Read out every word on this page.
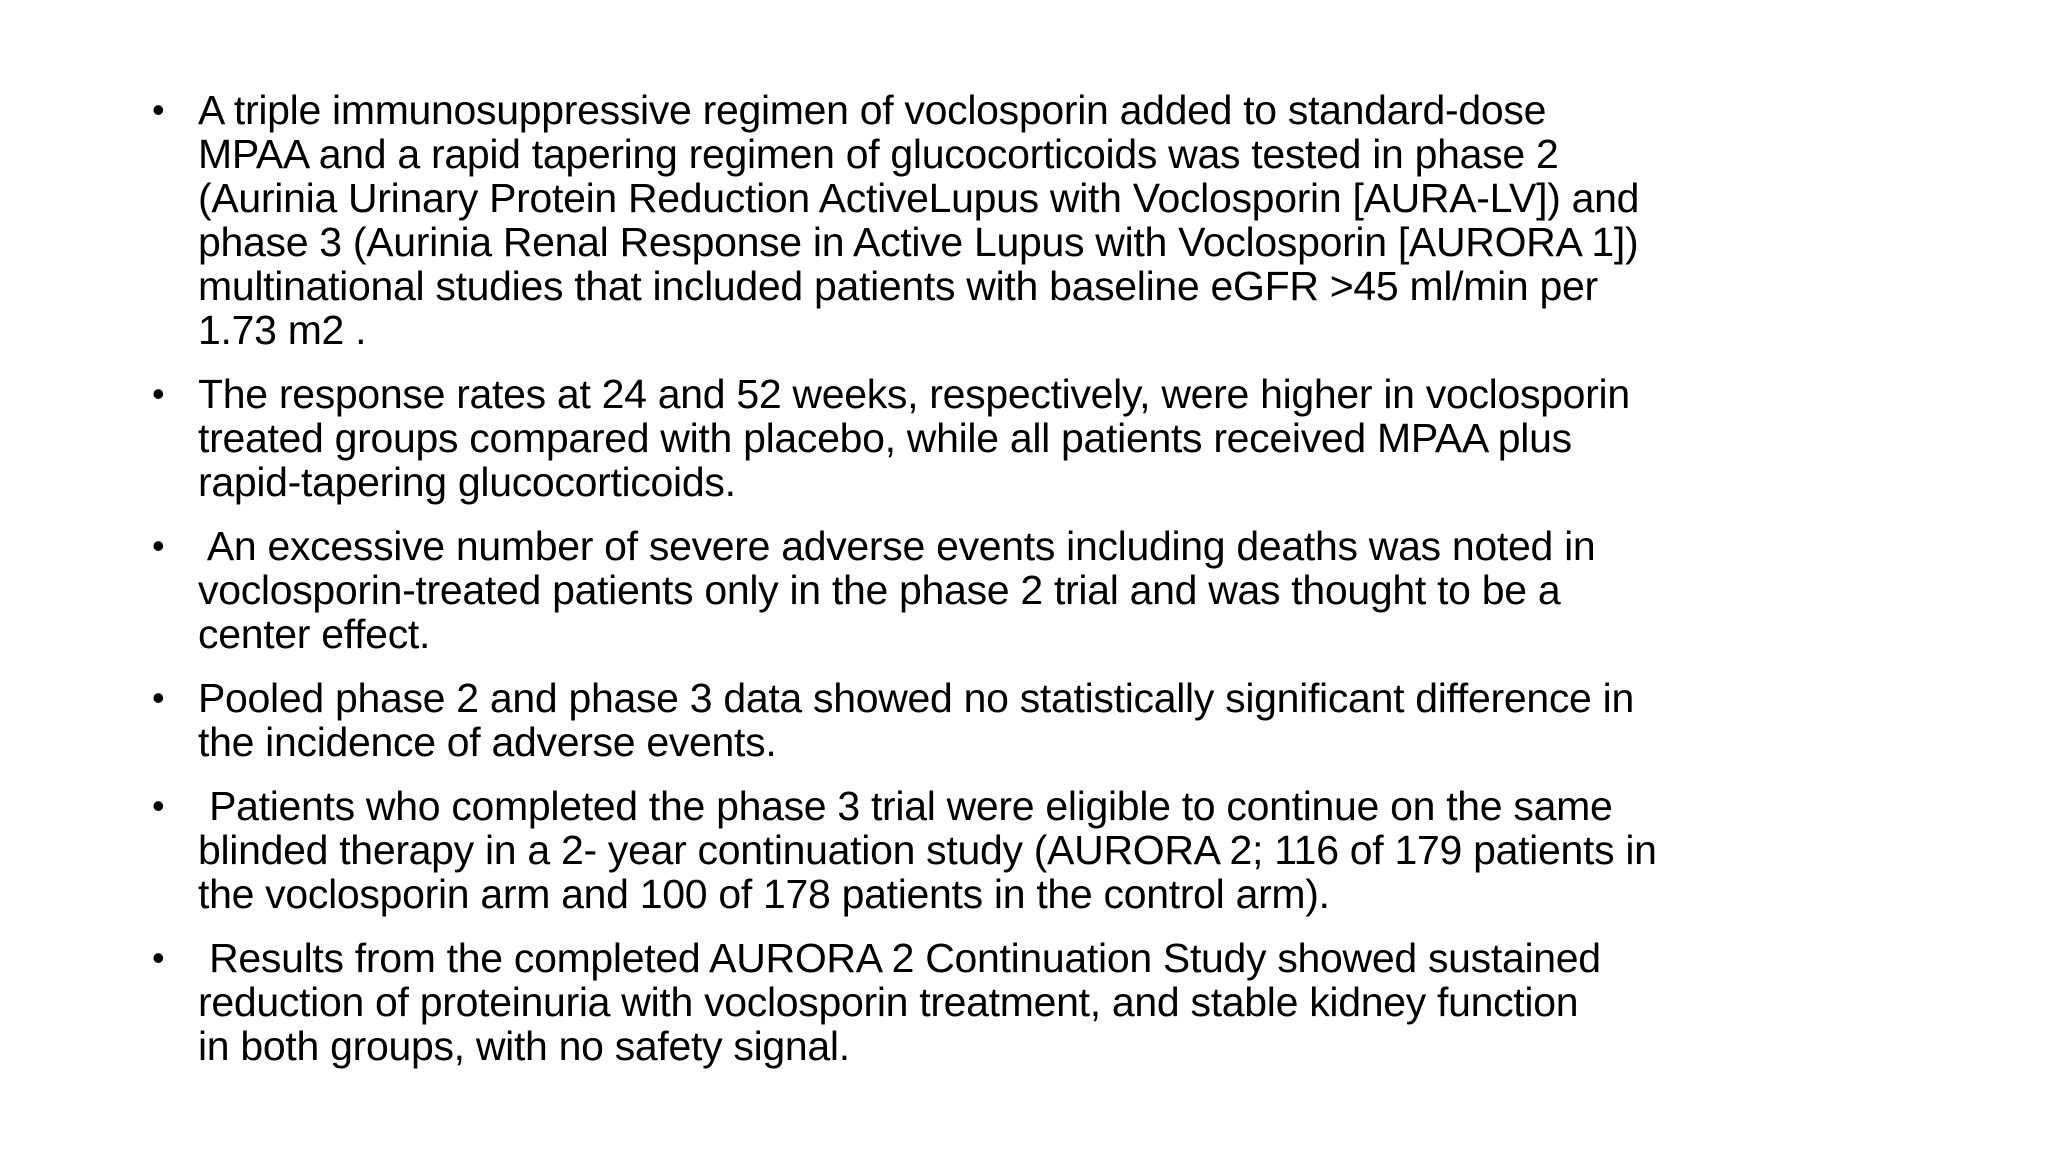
• A triple immunosuppressive regimen of voclosporin added to standard-dose
MPAA and a rapid tapering regimen of glucocorticoids was tested in phase 2
(Aurinia Urinary Protein Reduction ActiveLupus with Voclosporin [AURA-LV]) and
phase 3 (Aurinia Renal Response in Active Lupus with Voclosporin [AURORA 1])
multinational studies that included patients with baseline eGFR >45 ml/min per
1.73 m2 .
• The response rates at 24 and 52 weeks, respectively, were higher in voclosporin
treated groups compared with placebo, while all patients received MPAA plus
rapid-tapering glucocorticoids.
• An excessive number of severe adverse events including deaths was noted in
voclosporin-treated patients only in the phase 2 trial and was thought to be a
center effect.
• Pooled phase 2 and phase 3 data showed no statistically significant difference in
the incidence of adverse events.
• Patients who completed the phase 3 trial were eligible to continue on the same
blinded therapy in a 2- year continuation study (AURORA 2; 116 of 179 patients in
the voclosporin arm and 100 of 178 patients in the control arm).
• Results from the completed AURORA 2 Continuation Study showed sustained
reduction of proteinuria with voclosporin treatment, and stable kidney function
in both groups, with no safety signal.
